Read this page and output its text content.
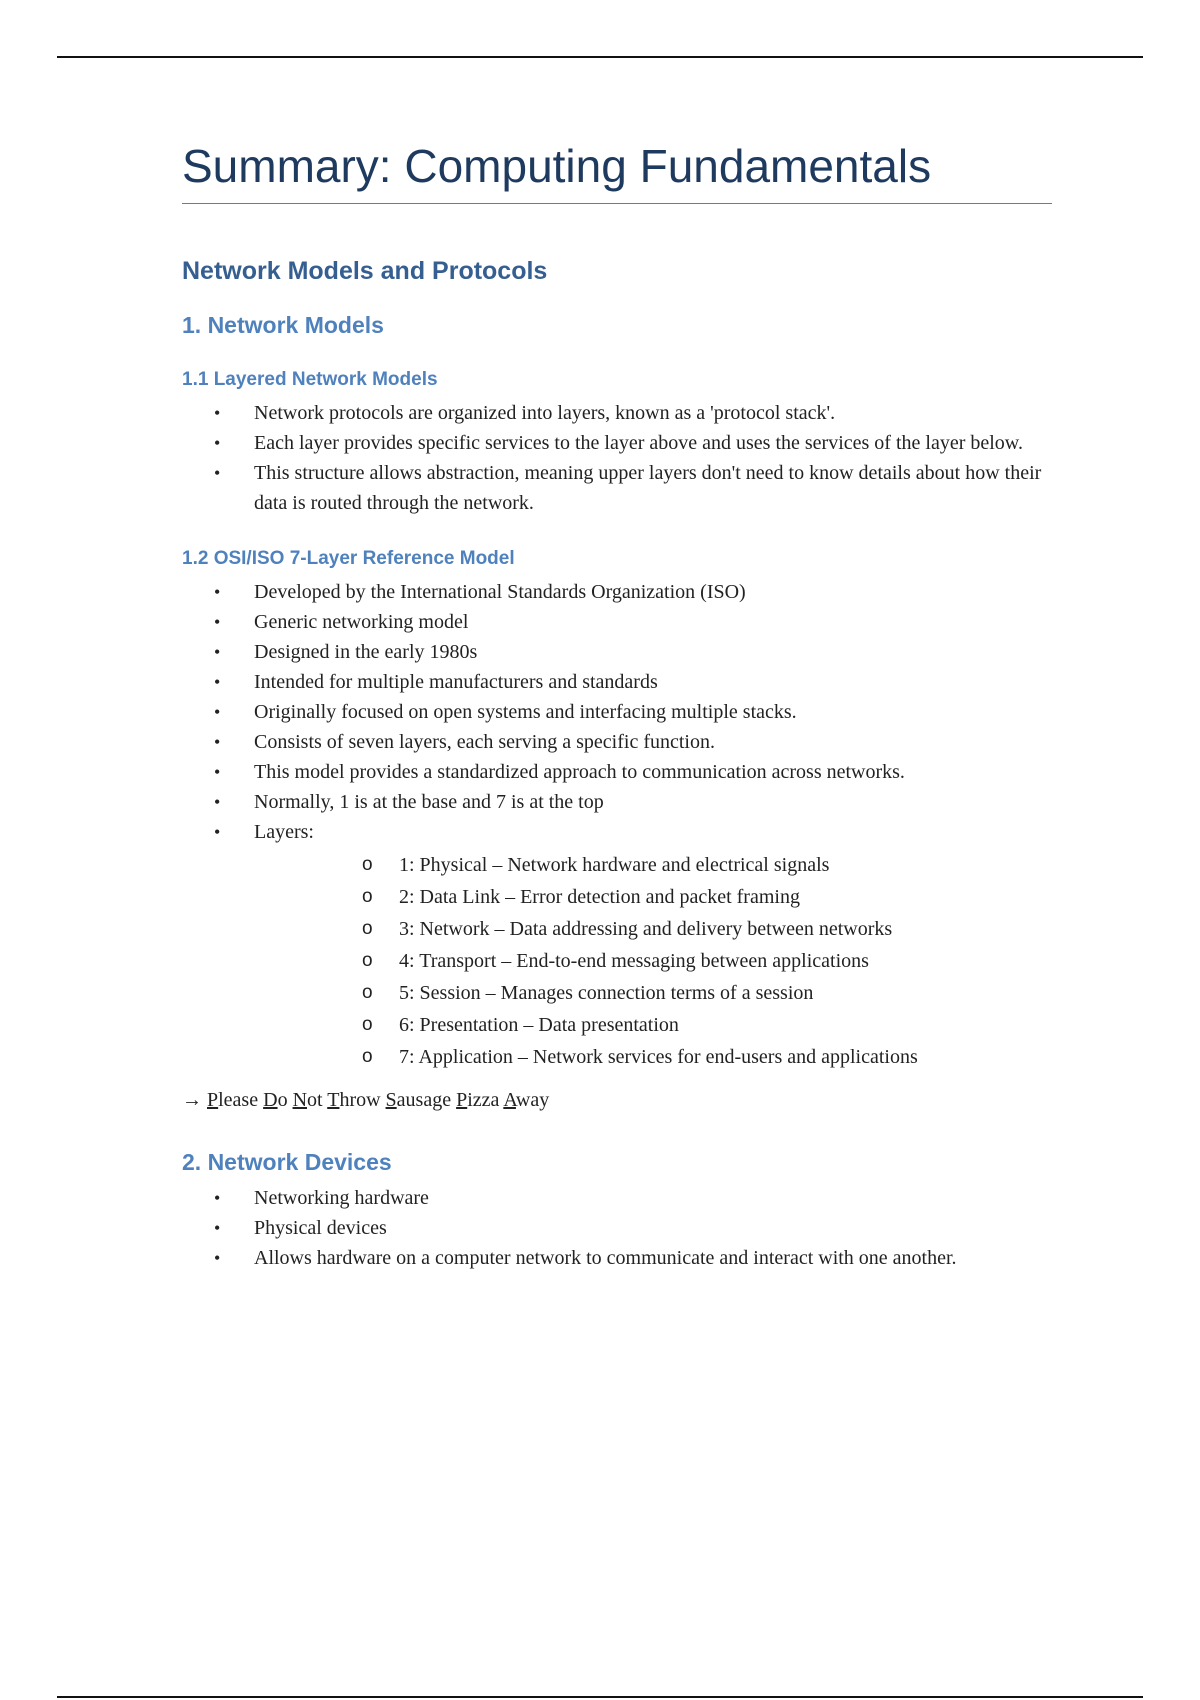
Summary: Computing Fundamentals
Network Models and Protocols
1. Network Models
1.1 Layered Network Models
• Network protocols are organized into layers, known as a 'protocol stack'.
• Each layer provides specific services to the layer above and uses the services of the layer below.
• This structure allows abstraction, meaning upper layers don't need to know details about how their data is routed through the network.
1.2 OSI/ISO 7-Layer Reference Model
• Developed by the International Standards Organization (ISO)
• Generic networking model
• Designed in the early 1980s
• Intended for multiple manufacturers and standards
• Originally focused on open systems and interfacing multiple stacks.
• Consists of seven layers, each serving a specific function.
• This model provides a standardized approach to communication across networks.
• Normally, 1 is at the base and 7 is at the top
• Layers:
o 1: Physical – Network hardware and electrical signals
o 2: Data Link – Error detection and packet framing
o 3: Network – Data addressing and delivery between networks
o 4: Transport – End-to-end messaging between applications
o 5: Session – Manages connection terms of a session
o 6: Presentation – Data presentation
o 7: Application – Network services for end-users and applications

→ Please Do Not Throw Sausage Pizza Away

2. Network Devices
• Networking hardware
• Physical devices
• Allows hardware on a computer network to communicate and interact with one another.
